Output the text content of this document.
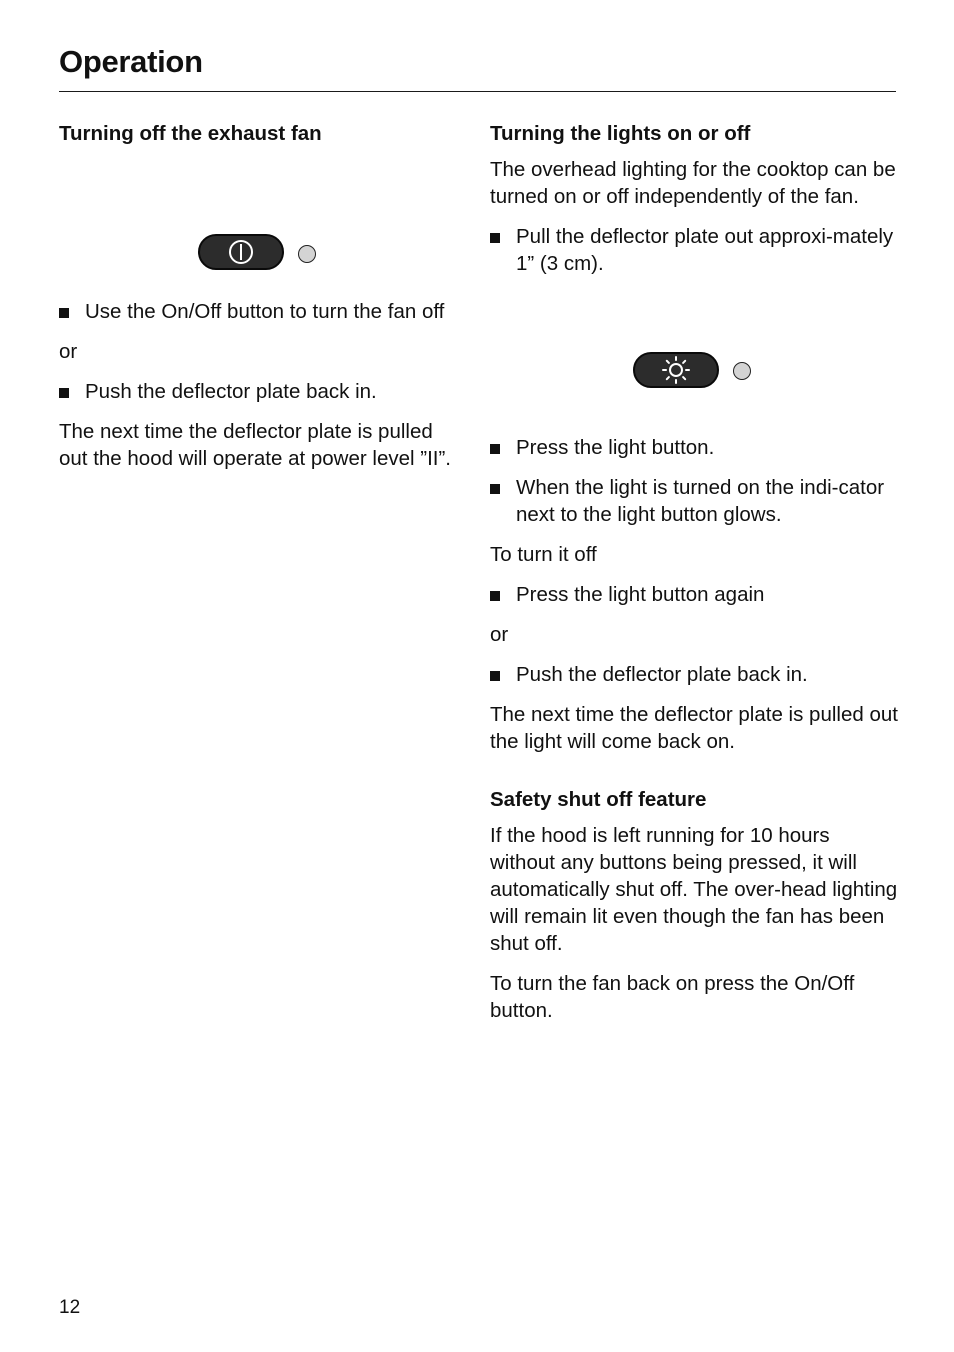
Operation
Turning off the exhaust fan
Use the On/Off button to turn the fan off

or

Push the deflector plate back in.

The next time the deflector plate is pulled out the hood will operate at power level ”II”.

Turning the lights on or off

The overhead lighting for the cooktop can be turned on or off independently of the fan.

Pull the deflector plate out approxi-mately 1” (3 cm).
Press the light button.
When the light is turned on the indi-cator next to the light button glows.

To turn it off

Press the light button again

or

Push the deflector plate back in.

The next time the deflector plate is pulled out the light will come back on.

Safety shut off feature

If the hood is left running for 10 hours without any buttons being pressed, it will automatically shut off. The over-head lighting will remain lit even though the fan has been shut off.

To turn the fan back on press the On/Off button.

12
